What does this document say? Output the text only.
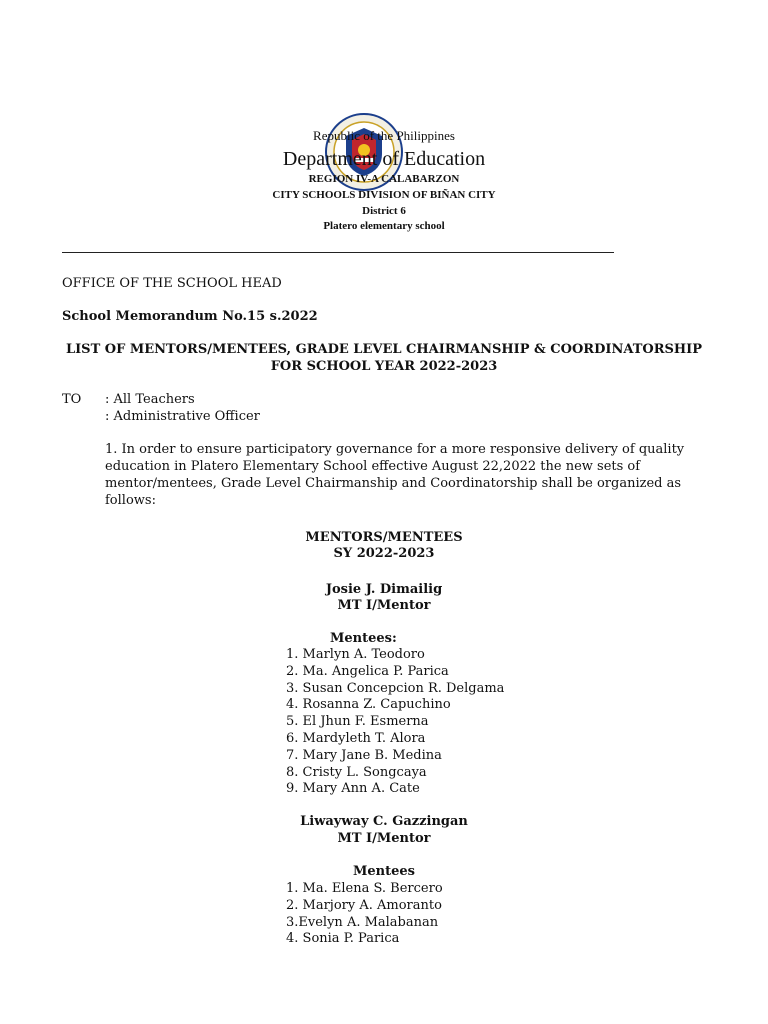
Republic of the Philippines
Department of Education
REGION IV-A CALABARZON
CITY SCHOOLS DIVISION OF BIÑAN CITY
District 6
Platero elementary school
OFFICE OF THE SCHOOL HEAD
School Memorandum No.15 s.2022
LIST OF MENTORS/MENTEES, GRADE LEVEL CHAIRMANSHIP & COORDINATORSHIP
FOR SCHOOL YEAR 2022-2023
TO : All Teachers
: Administrative Officer
1. In order to ensure participatory governance for a more responsive delivery of quality education in Platero Elementary School effective August 22,2022 the new sets of mentor/mentees, Grade Level Chairmanship and Coordinatorship shall be organized as follows:
MENTORS/MENTEES
SY 2022-2023
Josie J. Dimailig
MT I/Mentor
Mentees:
1. Marlyn A. Teodoro
2. Ma. Angelica P. Parica
3. Susan Concepcion R. Delgama
4. Rosanna Z. Capuchino
5. El Jhun F. Esmerna
6. Mardyleth T. Alora
7. Mary Jane B. Medina
8. Cristy L. Songcaya
9. Mary Ann A. Cate
Liwayway C. Gazzingan
MT I/Mentor
Mentees
1. Ma. Elena S. Bercero
2. Marjory A. Amoranto
3.Evelyn A. Malabanan
4. Sonia P. Parica
